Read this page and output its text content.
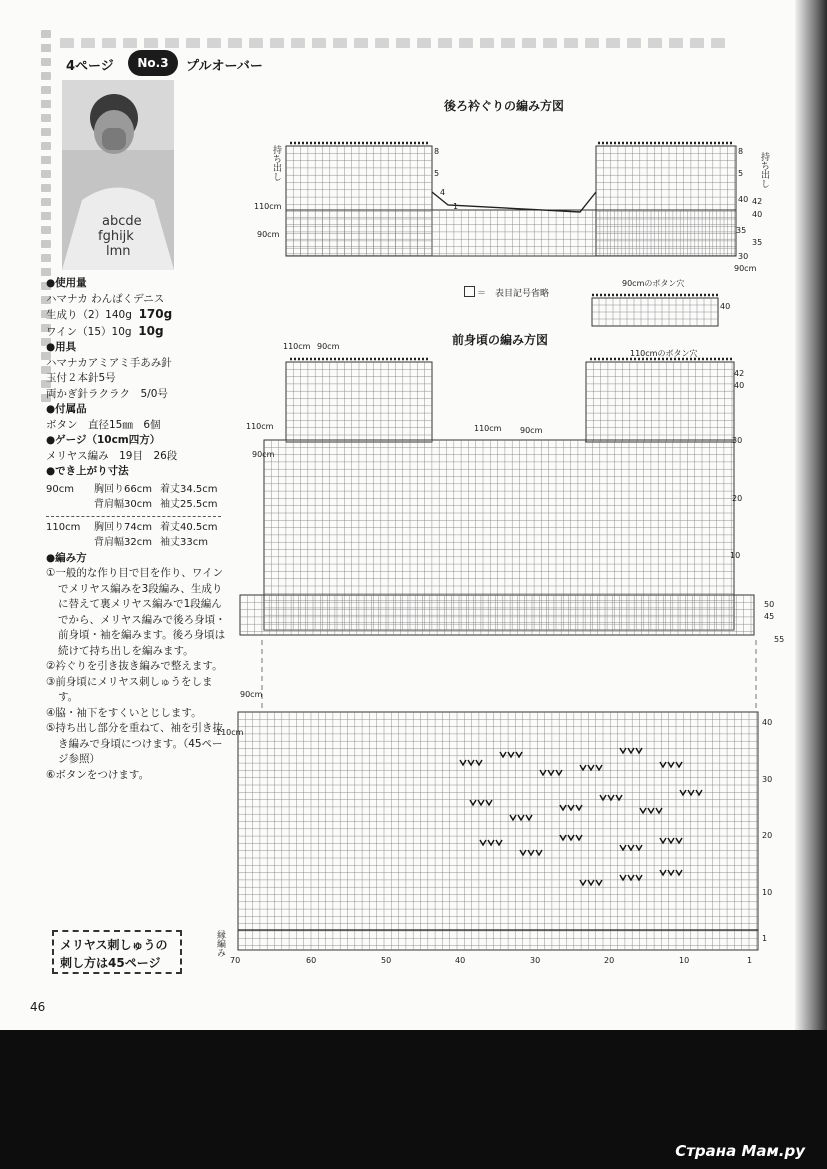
4ページ	No.3	プルオーバー
abcde
fghijk
lmn
●使用量
ハマナカ わんぱくデニス
生成り（2）140g 170g
ワイン（15）10g 10g
●用具
ハマナカアミアミ手あみ針
玉付２本針5号
両かぎ針ラクラク　5/0号
●付属品
ボタン　直径15㎜　6個
●ゲージ（10cm四方）
メリヤス編み　19目　26段
●でき上がり寸法
90cm	胸回り66cm 着丈34.5cm
背肩幅30cm 袖丈25.5cm
110cm	胸回り74cm 着丈40.5cm
背肩幅32cm 袖丈33cm
●編み方
①一般的な作り目で目を作り、ワインでメリヤス編みを3段編み、生成りに替えて裏メリヤス編みで1段編んでから、メリヤス編みで後ろ身頃・前身頃・袖を編みます。後ろ身頃は続けて持ち出しを編みます。
②衿ぐりを引き抜き編みで整えます。
③前身頃にメリヤス刺しゅうをします。
④脇・袖下をすくいとじします。
⑤持ち出し部分を重ねて、袖を引き抜き編みで身頃につけます。（45ページ参照）
⑥ボタンをつけます。
メリヤス刺しゅうの
刺し方は45ページ
46
後ろ衿ぐりの編み方図
前身頃の編み方図
＝　表目記号省略
持ち出し	持ち出し
110cm
90cm
8
5
4
1
8
5
40 42
40
35
35
30
90cm
90cmのボタン穴
40
110cm 90cm
110cmのボタン穴
110cm 90cm
110cm
90cm
42
40
30
20
10
45
50
55
90cm
110cm
40
30
20
10
1
縁編み
70	60	50	40	30	20	10	1
Страна Мам.ру
